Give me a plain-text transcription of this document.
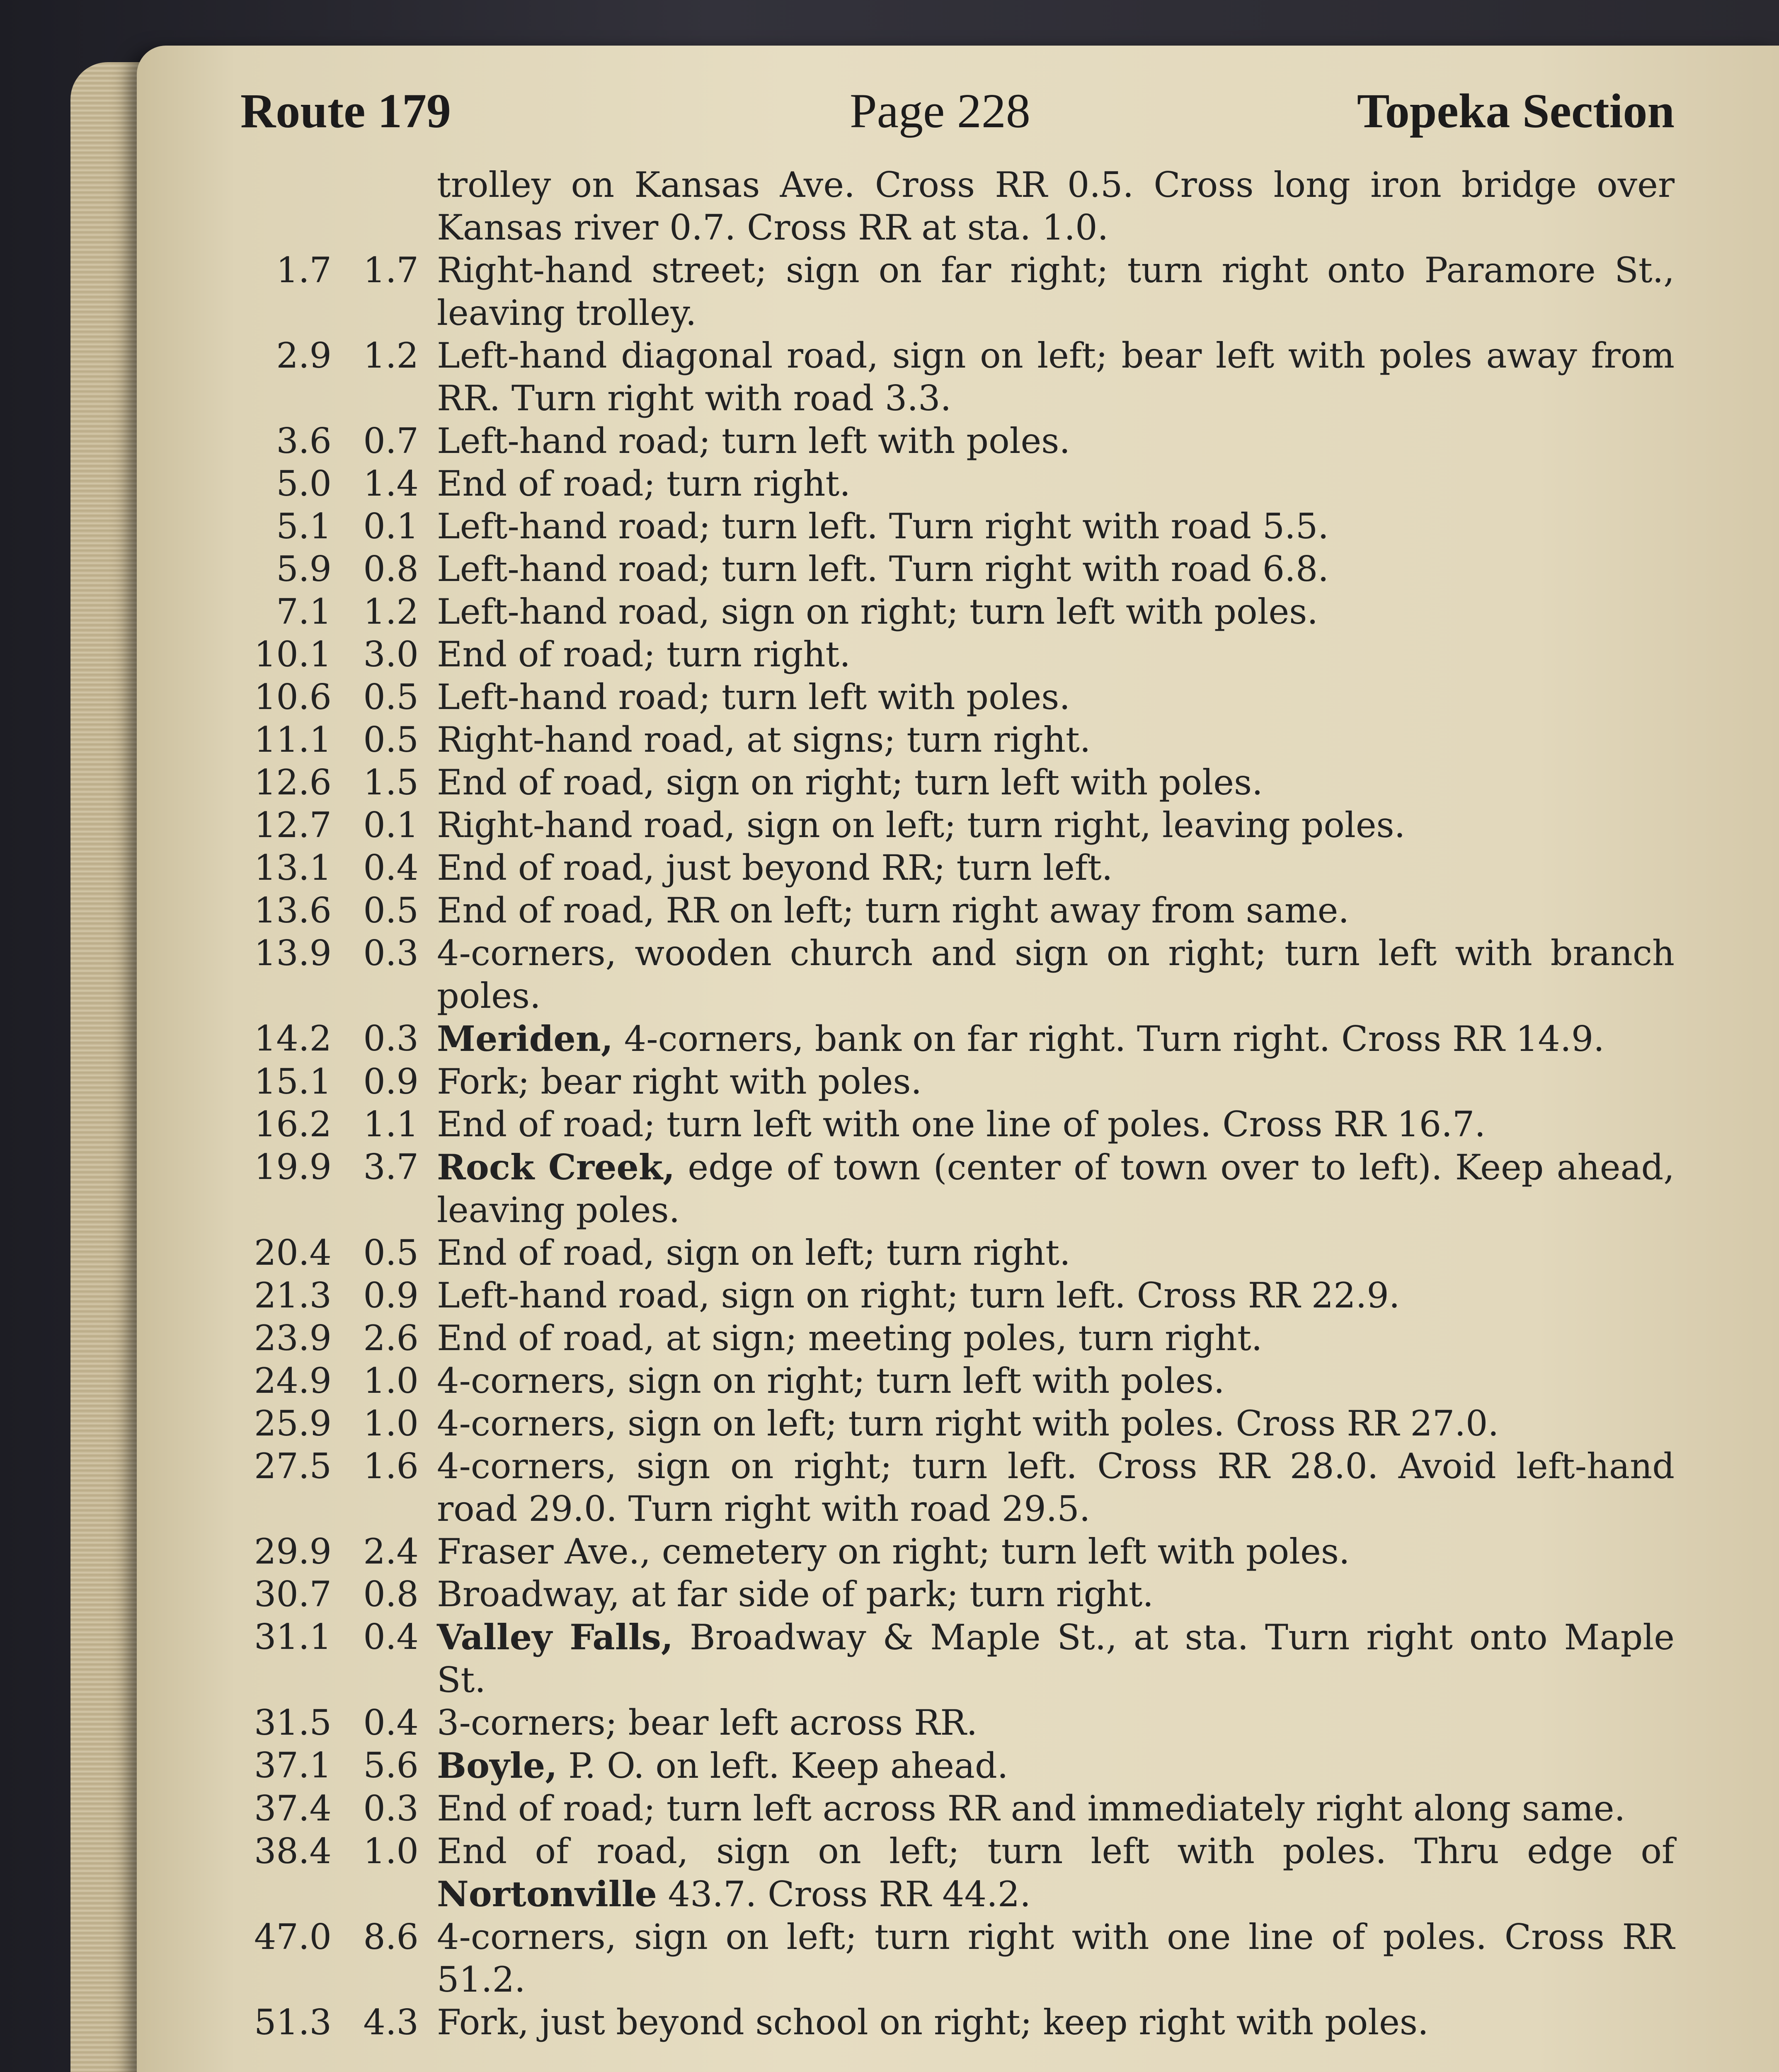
Route 179	Page 228	Topeka Section
trolley on Kansas Ave. Cross RR 0.5. Cross long iron bridge over Kansas river 0.7. Cross RR at sta. 1.0.
1.7 1.7 Right-hand street; sign on far right; turn right onto Paramore St., leaving trolley.
2.9 1.2 Left-hand diagonal road, sign on left; bear left with poles away from RR. Turn right with road 3.3.
3.6 0.7 Left-hand road; turn left with poles.
5.0 1.4 End of road; turn right.
5.1 0.1 Left-hand road; turn left. Turn right with road 5.5.
5.9 0.8 Left-hand road; turn left. Turn right with road 6.8.
7.1 1.2 Left-hand road, sign on right; turn left with poles.
10.1 3.0 End of road; turn right.
10.6 0.5 Left-hand road; turn left with poles.
11.1 0.5 Right-hand road, at signs; turn right.
12.6 1.5 End of road, sign on right; turn left with poles.
12.7 0.1 Right-hand road, sign on left; turn right, leaving poles.
13.1 0.4 End of road, just beyond RR; turn left.
13.6 0.5 End of road, RR on left; turn right away from same.
13.9 0.3 4-corners, wooden church and sign on right; turn left with branch poles.
14.2 0.3 Meriden, 4-corners, bank on far right. Turn right. Cross RR 14.9.
15.1 0.9 Fork; bear right with poles.
16.2 1.1 End of road; turn left with one line of poles. Cross RR 16.7.
19.9 3.7 Rock Creek, edge of town (center of town over to left). Keep ahead, leaving poles.
20.4 0.5 End of road, sign on left; turn right.
21.3 0.9 Left-hand road, sign on right; turn left. Cross RR 22.9.
23.9 2.6 End of road, at sign; meeting poles, turn right.
24.9 1.0 4-corners, sign on right; turn left with poles.
25.9 1.0 4-corners, sign on left; turn right with poles. Cross RR 27.0.
27.5 1.6 4-corners, sign on right; turn left. Cross RR 28.0. Avoid left-hand road 29.0. Turn right with road 29.5.
29.9 2.4 Fraser Ave., cemetery on right; turn left with poles.
30.7 0.8 Broadway, at far side of park; turn right.
31.1 0.4 Valley Falls, Broadway & Maple St., at sta. Turn right onto Maple St.
31.5 0.4 3-corners; bear left across RR.
37.1 5.6 Boyle, P. O. on left. Keep ahead.
37.4 0.3 End of road; turn left across RR and immediately right along same.
38.4 1.0 End of road, sign on left; turn left with poles. Thru edge of Nortonville 43.7. Cross RR 44.2.
47.0 8.6 4-corners, sign on left; turn right with one line of poles. Cross RR 51.2.
51.3 4.3 Fork, just beyond school on right; keep right with poles.
